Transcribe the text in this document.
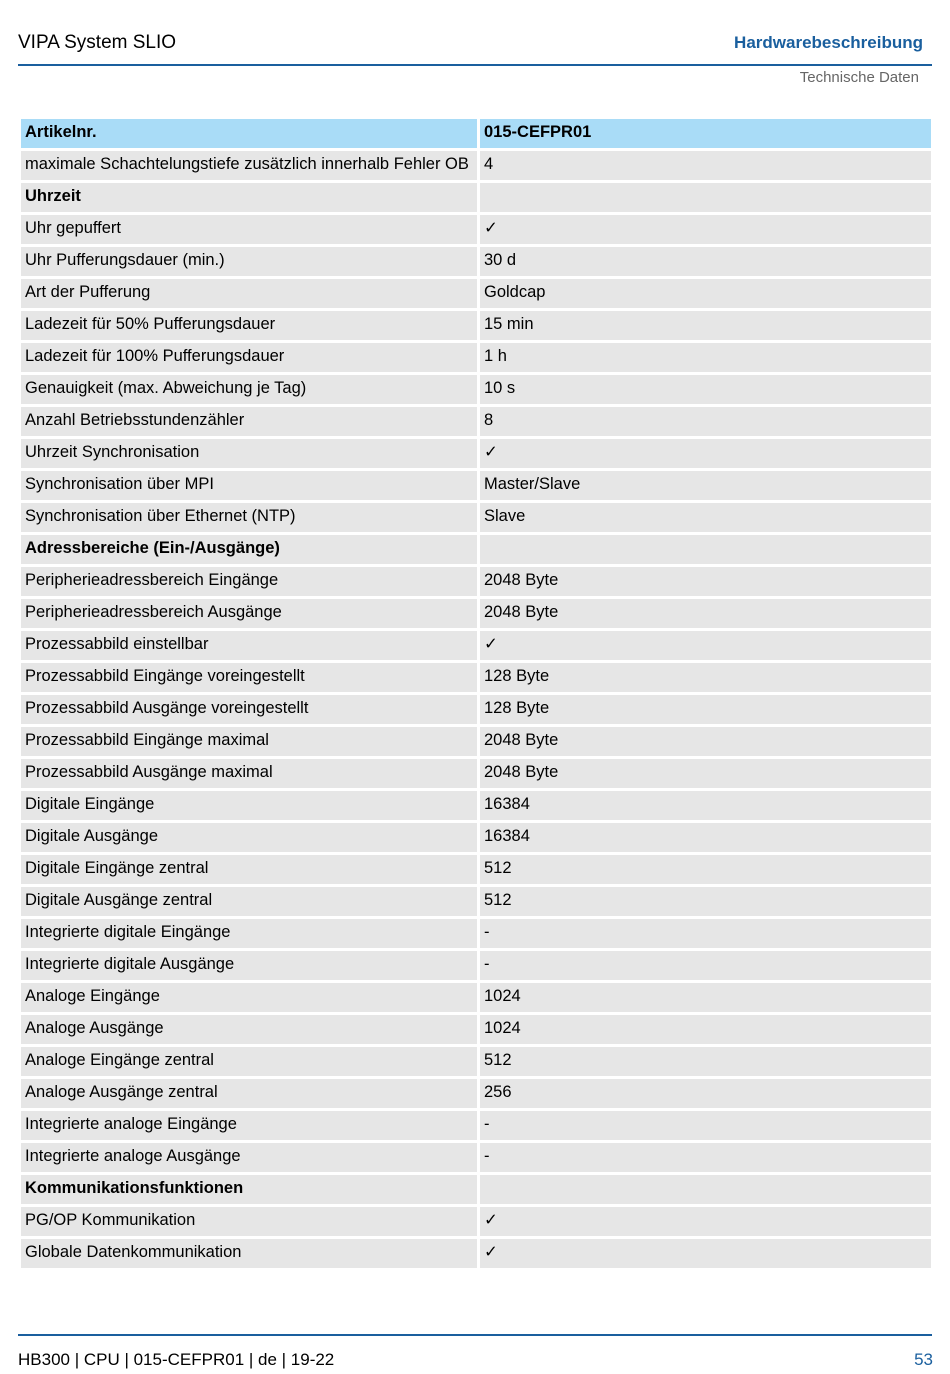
VIPA System SLIO	Hardwarebeschreibung
Technische Daten
Artikelnr.	015-CEFPR01
maximale Schachtelungstiefe zusätzlich innerhalb Fehler OB	4
Uhrzeit	
Uhr gepuffert	✓
Uhr Pufferungsdauer (min.)	30 d
Art der Pufferung	Goldcap
Ladezeit für 50% Pufferungsdauer	15 min
Ladezeit für 100% Pufferungsdauer	1 h
Genauigkeit (max. Abweichung je Tag)	10 s
Anzahl Betriebsstundenzähler	8
Uhrzeit Synchronisation	✓
Synchronisation über MPI	Master/Slave
Synchronisation über Ethernet (NTP)	Slave
Adressbereiche (Ein-/Ausgänge)	
Peripherieadressbereich Eingänge	2048 Byte
Peripherieadressbereich Ausgänge	2048 Byte
Prozessabbild einstellbar	✓
Prozessabbild Eingänge voreingestellt	128 Byte
Prozessabbild Ausgänge voreingestellt	128 Byte
Prozessabbild Eingänge maximal	2048 Byte
Prozessabbild Ausgänge maximal	2048 Byte
Digitale Eingänge	16384
Digitale Ausgänge	16384
Digitale Eingänge zentral	512
Digitale Ausgänge zentral	512
Integrierte digitale Eingänge	-
Integrierte digitale Ausgänge	-
Analoge Eingänge	1024
Analoge Ausgänge	1024
Analoge Eingänge zentral	512
Analoge Ausgänge zentral	256
Integrierte analoge Eingänge	-
Integrierte analoge Ausgänge	-
Kommunikationsfunktionen	
PG/OP Kommunikation	✓
Globale Datenkommunikation	✓
HB300 | CPU | 015-CEFPR01 | de | 19-22	53
